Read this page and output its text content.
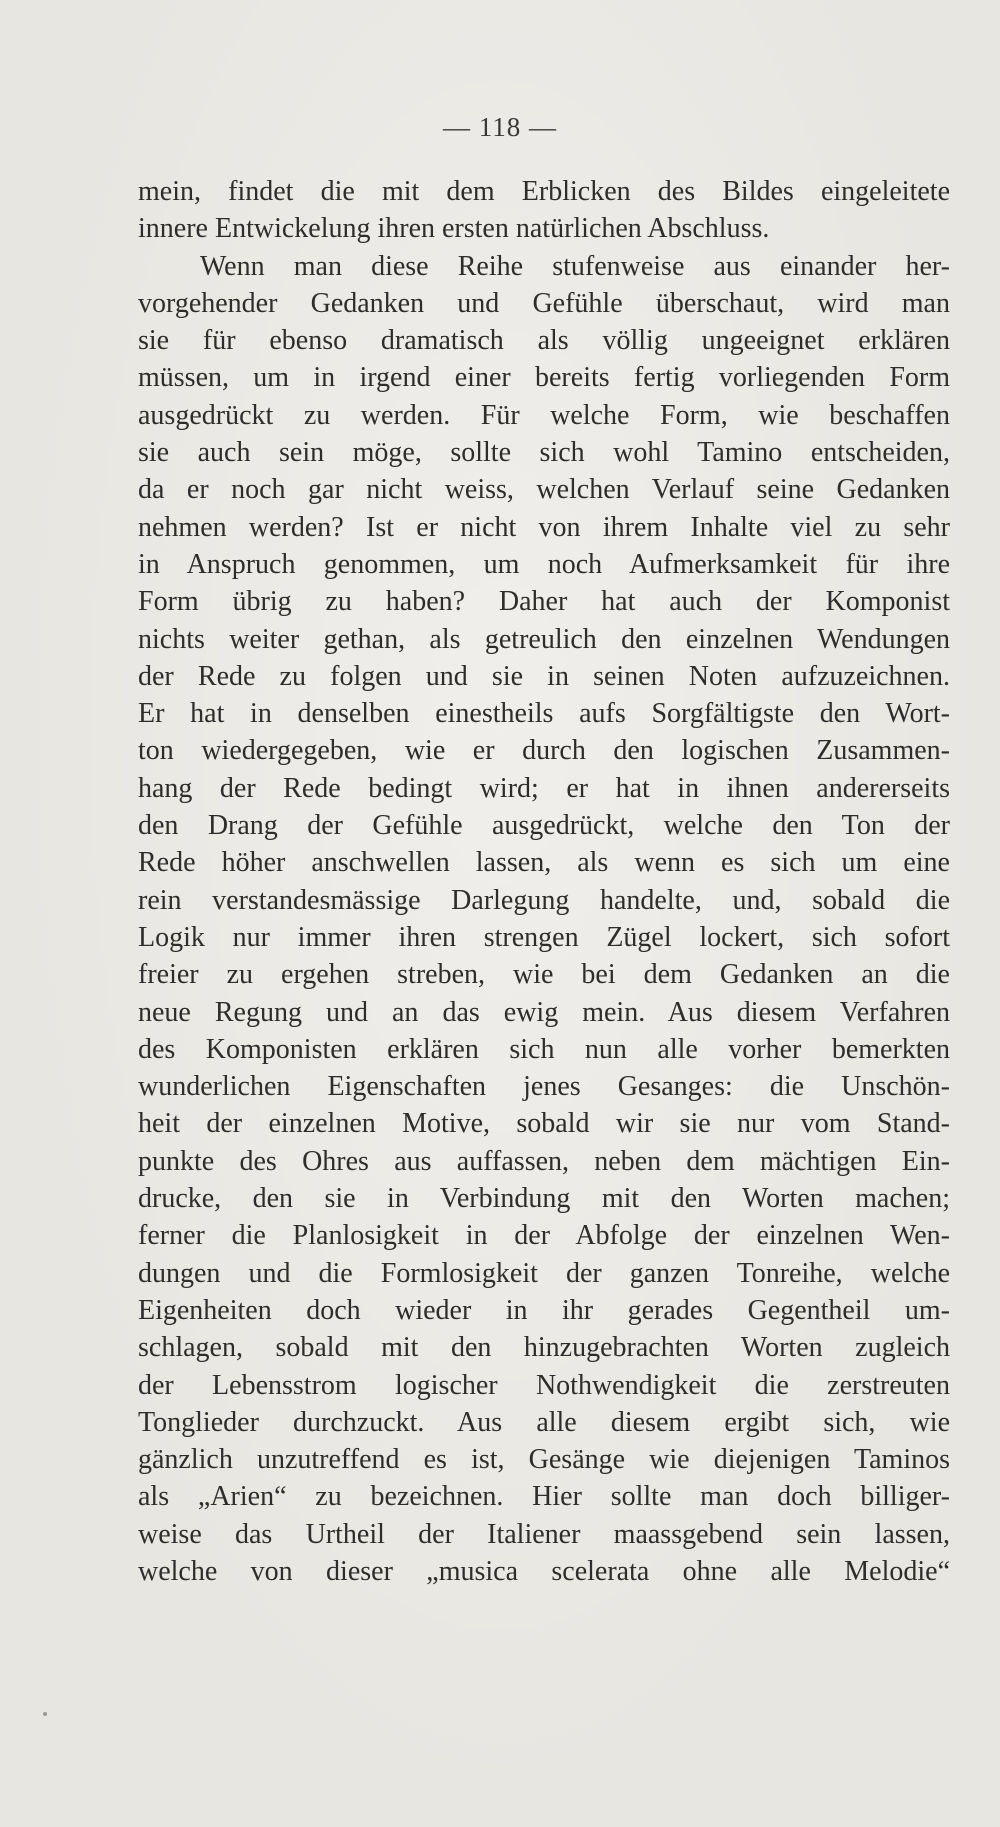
— 118 —
mein, findet die mit dem Erblicken des Bildes eingeleitete
innere Entwickelung ihren ersten natürlichen Abschluss.
Wenn man diese Reihe stufenweise aus einander her-
vorgehender Gedanken und Gefühle überschaut, wird man
sie für ebenso dramatisch als völlig ungeeignet erklären
müssen, um in irgend einer bereits fertig vorliegenden Form
ausgedrückt zu werden. Für welche Form, wie beschaffen
sie auch sein möge, sollte sich wohl Tamino entscheiden,
da er noch gar nicht weiss, welchen Verlauf seine Gedanken
nehmen werden? Ist er nicht von ihrem Inhalte viel zu sehr
in Anspruch genommen, um noch Aufmerksamkeit für ihre
Form übrig zu haben? Daher hat auch der Komponist
nichts weiter gethan, als getreulich den einzelnen Wendungen
der Rede zu folgen und sie in seinen Noten aufzuzeichnen.
Er hat in denselben einestheils aufs Sorgfältigste den Wort-
ton wiedergegeben, wie er durch den logischen Zusammen-
hang der Rede bedingt wird; er hat in ihnen andererseits
den Drang der Gefühle ausgedrückt, welche den Ton der
Rede höher anschwellen lassen, als wenn es sich um eine
rein verstandesmässige Darlegung handelte, und, sobald die
Logik nur immer ihren strengen Zügel lockert, sich sofort
freier zu ergehen streben, wie bei dem Gedanken an die
neue Regung und an das ewig mein. Aus diesem Verfahren
des Komponisten erklären sich nun alle vorher bemerkten
wunderlichen Eigenschaften jenes Gesanges: die Unschön-
heit der einzelnen Motive, sobald wir sie nur vom Stand-
punkte des Ohres aus auffassen, neben dem mächtigen Ein-
drucke, den sie in Verbindung mit den Worten machen;
ferner die Planlosigkeit in der Abfolge der einzelnen Wen-
dungen und die Formlosigkeit der ganzen Tonreihe, welche
Eigenheiten doch wieder in ihr gerades Gegentheil um-
schlagen, sobald mit den hinzugebrachten Worten zugleich
der Lebensstrom logischer Nothwendigkeit die zerstreuten
Tonglieder durchzuckt. Aus alle diesem ergibt sich, wie
gänzlich unzutreffend es ist, Gesänge wie diejenigen Taminos
als „Arien“ zu bezeichnen. Hier sollte man doch billiger-
weise das Urtheil der Italiener maassgebend sein lassen,
welche von dieser „musica scelerata ohne alle Melodie“
